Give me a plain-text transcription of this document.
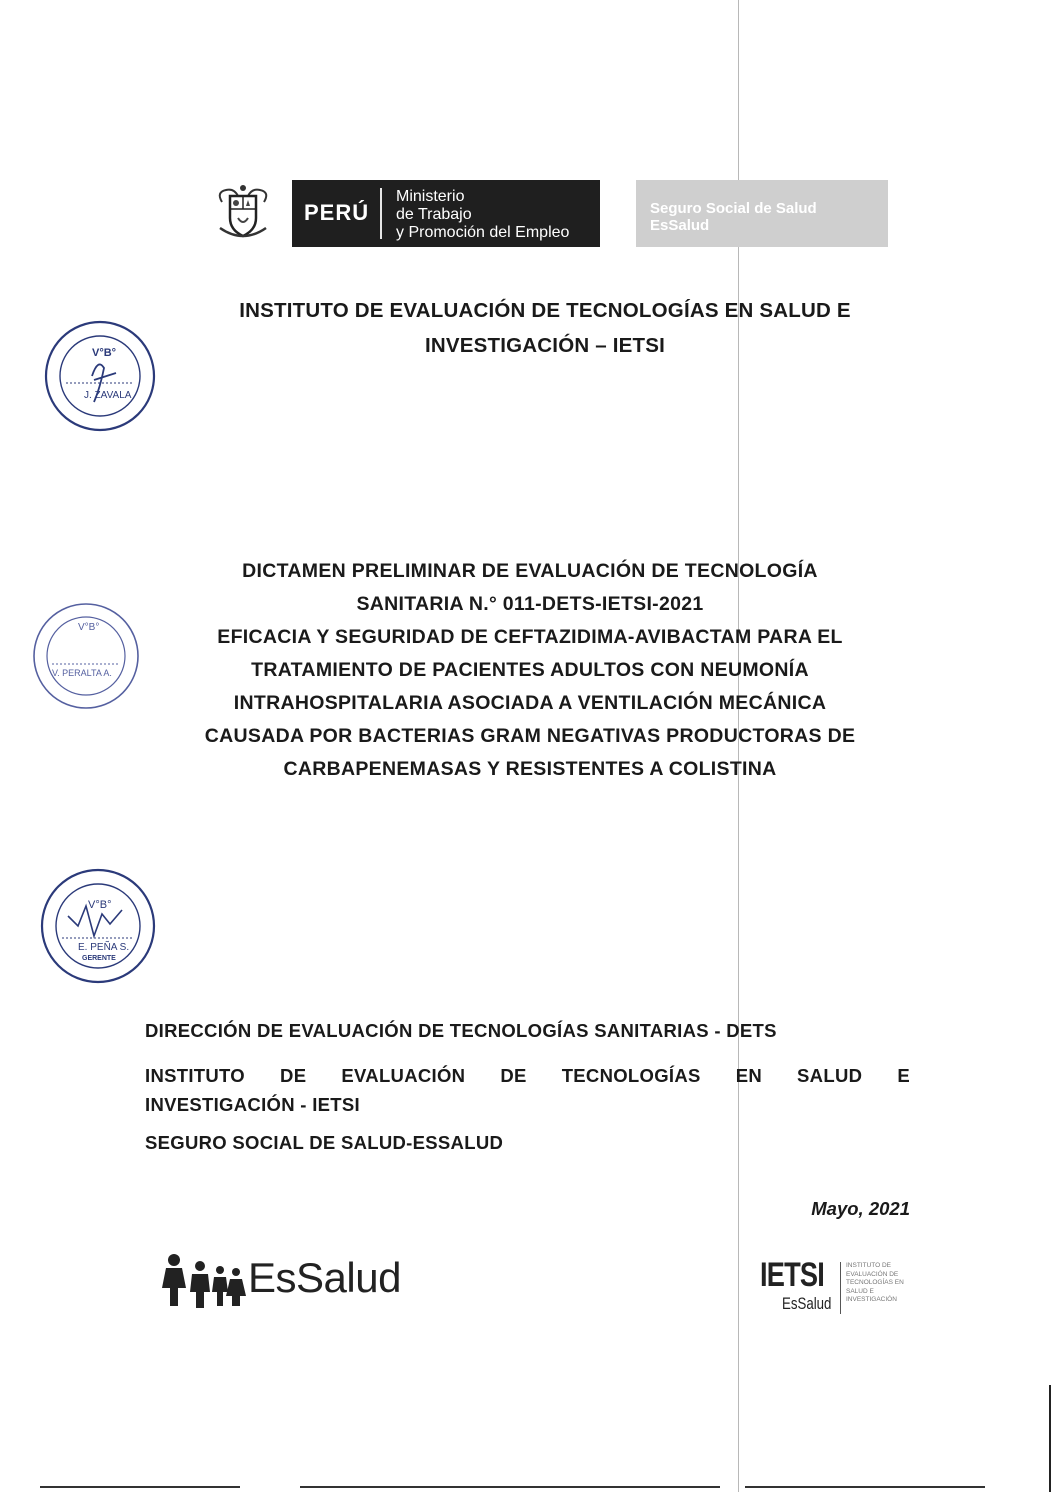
PERÚ
Ministerio
de Trabajo
y Promoción del Empleo
Seguro Social de Salud
EsSalud
INSTITUTO DE EVALUACIÓN DE TECNOLOGÍAS EN SALUD E
INVESTIGACIÓN – IETSI
V°B°
J. ZAVALA
V°B°
V. PERALTA A.
V°B°
E. PEÑA S.
GERENTE
DICTAMEN PRELIMINAR DE EVALUACIÓN DE TECNOLOGÍA
SANITARIA N.° 011-DETS-IETSI-2021
EFICACIA Y SEGURIDAD DE CEFTAZIDIMA-AVIBACTAM PARA EL
TRATAMIENTO DE PACIENTES ADULTOS CON NEUMONÍA
INTRAHOSPITALARIA ASOCIADA A VENTILACIÓN MECÁNICA
CAUSADA POR BACTERIAS GRAM NEGATIVAS PRODUCTORAS DE
CARBAPENEMASAS Y RESISTENTES A COLISTINA
DIRECCIÓN DE EVALUACIÓN DE TECNOLOGÍAS SANITARIAS - DETS
INSTITUTO DE EVALUACIÓN DE TECNOLOGÍAS EN SALUD E
INVESTIGACIÓN - IETSI
SEGURO SOCIAL DE SALUD-ESSALUD
Mayo, 2021
EsSalud	IETSI
EsSalud
INSTITUTO DE EVALUACIÓN DE TECNOLOGÍAS EN SALUD E INVESTIGACIÓN
